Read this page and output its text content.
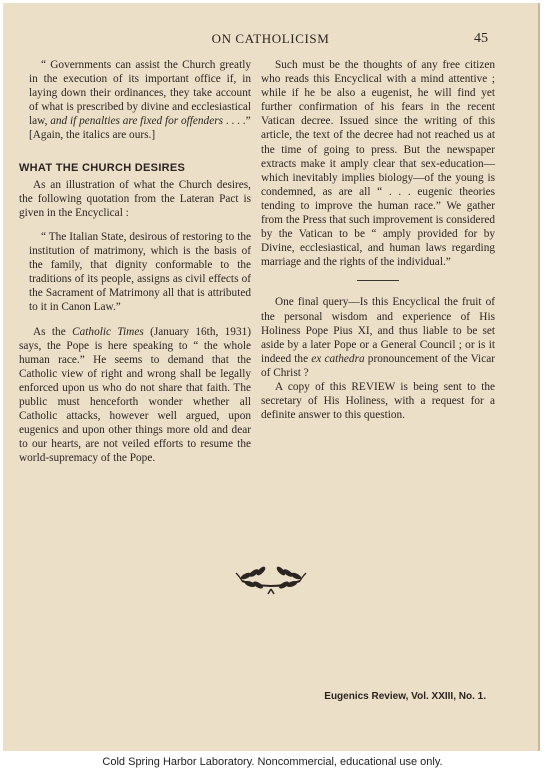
ON CATHOLICISM	45

“ Governments can assist the Church greatly in the execution of its important office if, in laying down their ordinances, they take account of what is prescribed by divine and ecclesiastical law, and if penalties are fixed for offenders . . . .”

[Again, the italics are ours.]

WHAT THE CHURCH DESIRES

As an illustration of what the Church desires, the following quotation from the Lateran Pact is given in the Encyclical :

“ The Italian State, desirous of restoring to the institution of matrimony, which is the basis of the family, that dignity conformable to the traditions of its people, assigns as civil effects of the Sacrament of Matrimony all that is attributed to it in Canon Law.”

As the Catholic Times (January 16th, 1931) says, the Pope is here speaking to “ the whole human race.” He seems to demand that the Catholic view of right and wrong shall be legally enforced upon us who do not share that faith. The public must henceforth wonder whether all Catholic attacks, however well argued, upon eugenics and upon other things more old and dear to our hearts, are not veiled efforts to resume the world-supremacy of the Pope.

Such must be the thoughts of any free citizen who reads this Encyclical with a mind attentive ; while if he be also a eugenist, he will find yet further confirmation of his fears in the recent Vatican decree. Issued since the writing of this article, the text of the decree had not reached us at the time of going to press. But the newspaper extracts make it amply clear that sex-education—which inevitably implies biology—of the young is condemned, as are all “ . . . eugenic theories tending to improve the human race.” We gather from the Press that such improvement is considered by the Vatican to be “ amply provided for by Divine, ecclesiastical, and human laws regarding marriage and the rights of the individual.”

One final query—Is this Encyclical the fruit of the personal wisdom and experience of His Holiness Pope Pius XI, and thus liable to be set aside by a later Pope or a General Council ; or is it indeed the ex cathedra pronouncement of the Vicar of Christ ?

A copy of this REVIEW is being sent to the secretary of His Holiness, with a request for a definite answer to this question.

Eugenics Review, Vol. XXIII, No. 1.
Cold Spring Harbor Laboratory. Noncommercial, educational use only.
